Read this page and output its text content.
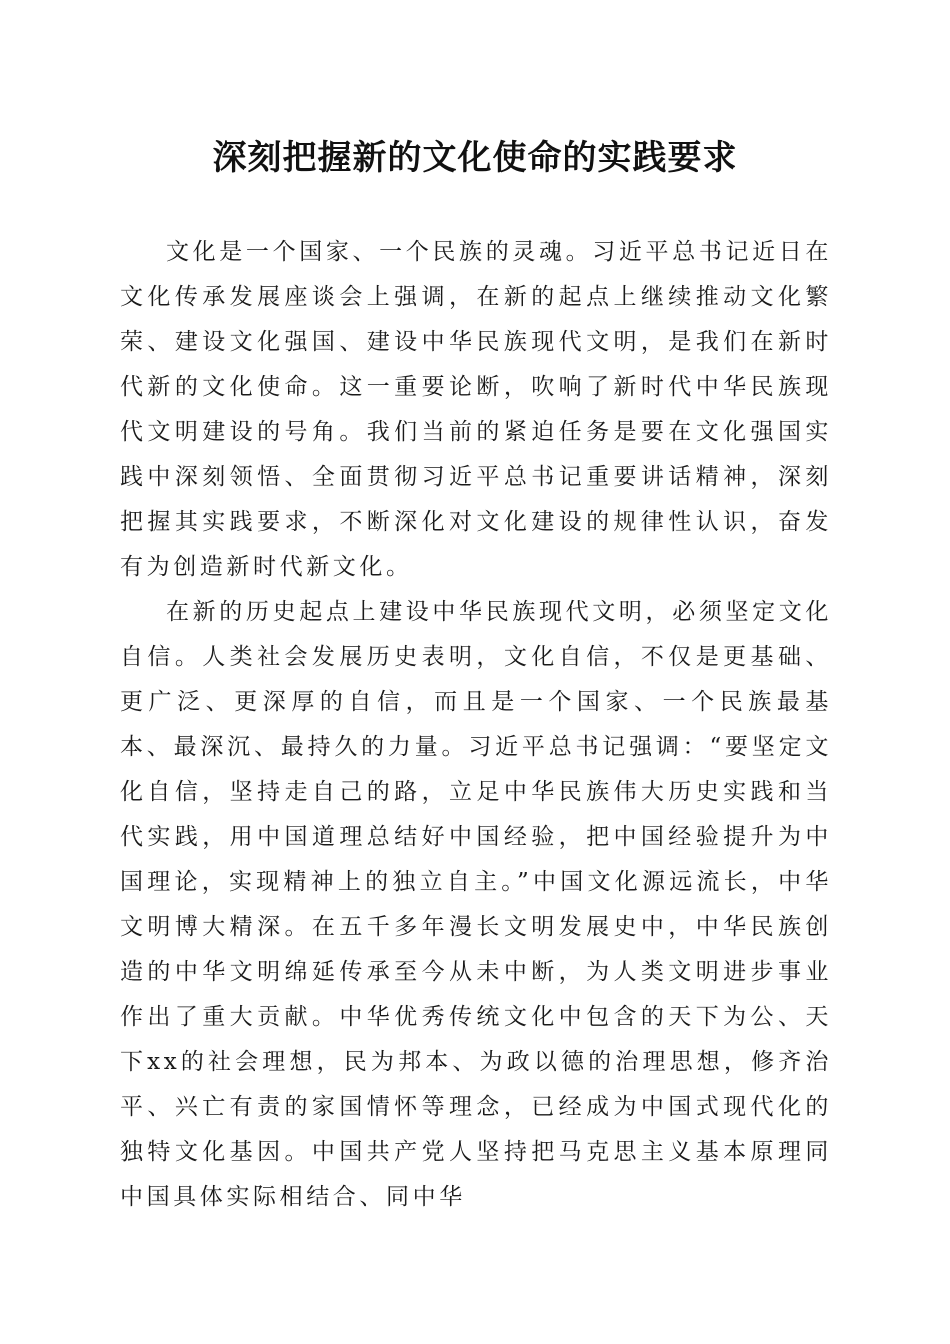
深刻把握新的文化使命的实践要求

文化是一个国家、一个民族的灵魂。习近平总书记近日在文化传承发展座谈会上强调，在新的起点上继续推动文化繁荣、建设文化强国、建设中华民族现代文明，是我们在新时代新的文化使命。这一重要论断，吹响了新时代中华民族现代文明建设的号角。我们当前的紧迫任务是要在文化强国实践中深刻领悟、全面贯彻习近平总书记重要讲话精神，深刻把握其实践要求，不断深化对文化建设的规律性认识，奋发有为创造新时代新文化。

在新的历史起点上建设中华民族现代文明，必须坚定文化自信。人类社会发展历史表明，文化自信，不仅是更基础、更广泛、更深厚的自信，而且是一个国家、一个民族最基本、最深沉、最持久的力量。习近平总书记强调：“要坚定文化自信，坚持走自己的路，立足中华民族伟大历史实践和当代实践，用中国道理总结好中国经验，把中国经验提升为中国理论，实现精神上的独立自主。”中国文化源远流长，中华文明博大精深。在五千多年漫长文明发展史中，中华民族创造的中华文明绵延传承至今从未中断，为人类文明进步事业作出了重大贡献。中华优秀传统文化中包含的天下为公、天下xx的社会理想，民为邦本、为政以德的治理思想，修齐治平、兴亡有责的家国情怀等理念，已经成为中国式现代化的独特文化基因。中国共产党人坚持把马克思主义基本原理同中国具体实际相结合、同中华
